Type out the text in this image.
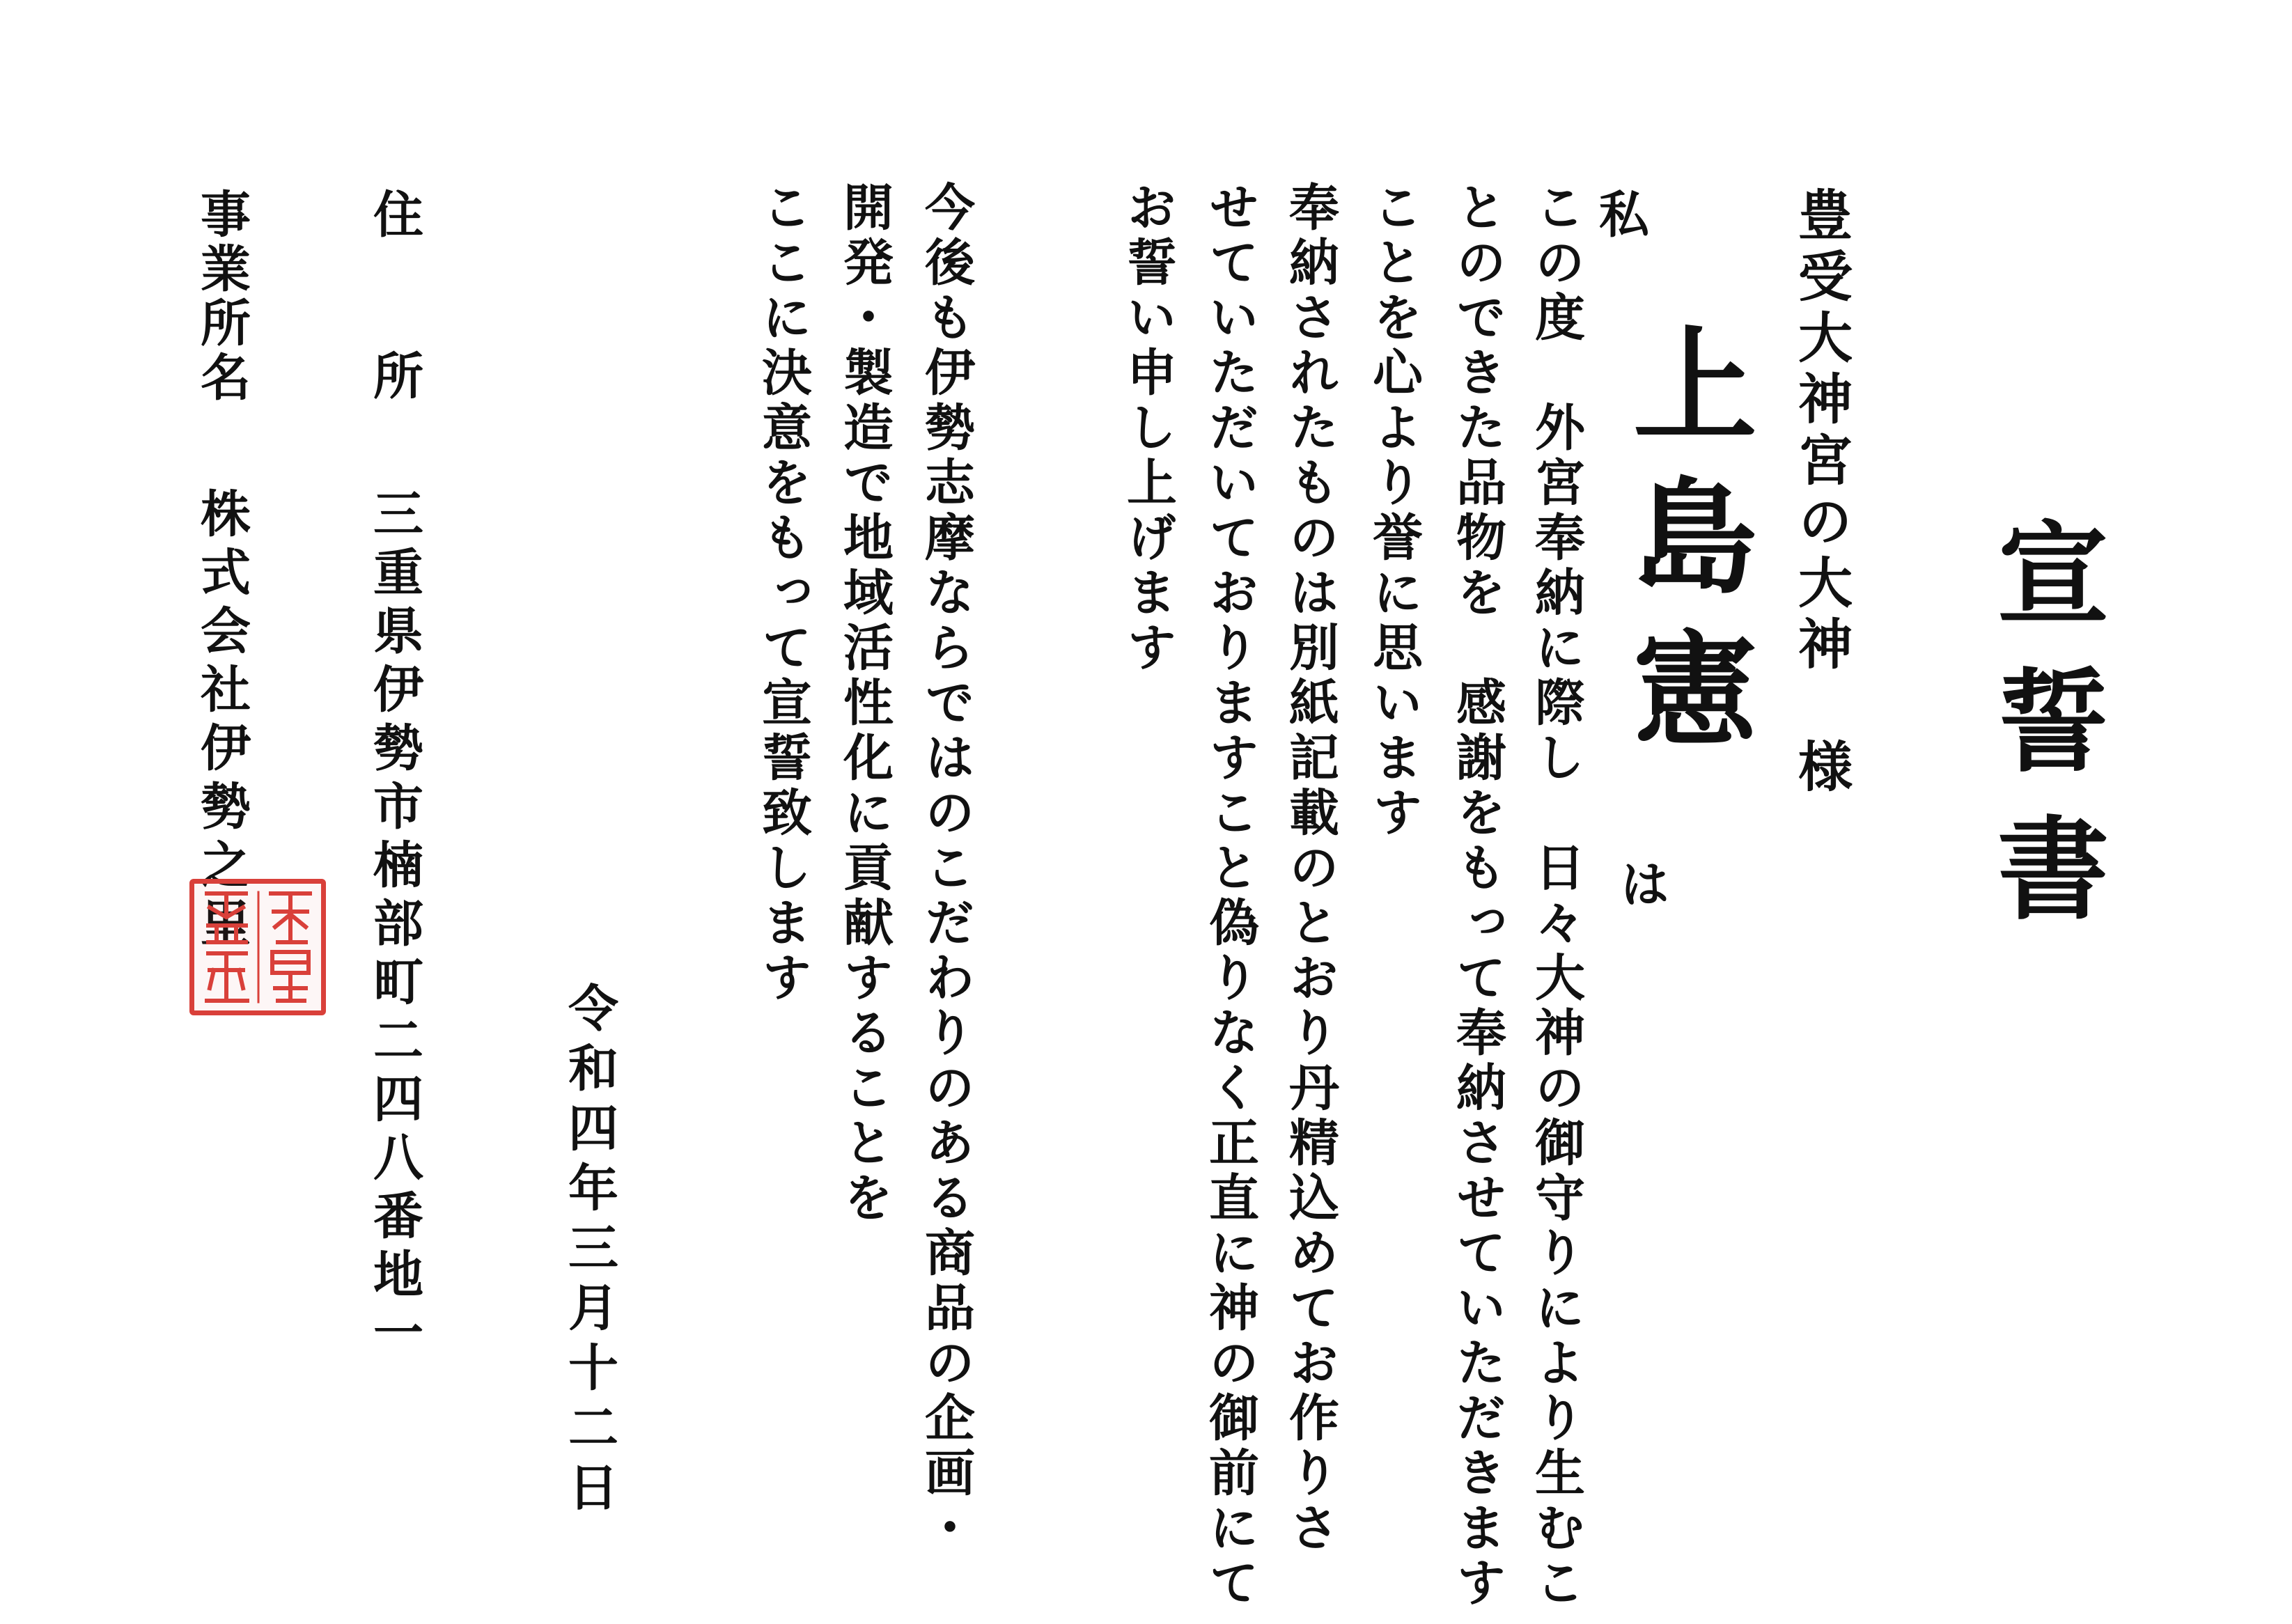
宣誓書
豊受大神宮の大神　様
私
上島憲
は
この度　外宮奉納に際し　日々大神の御守りにより生むこ
とのできた品物を　感謝をもって奉納させていただきます
ことを心より誉に思います
奉納されたものは別紙記載のとおり丹精込めてお作りさ
せていただいておりますこと偽りなく正直に神の御前にて
お誓い申し上げます
今後も伊勢志摩ならではのこだわりのある商品の企画・
開発・製造で地域活性化に貢献することを
ここに決意をもって宣誓致します
令和四年三月十二日
住所
三重県伊勢市楠部町二四八番地一
事業所名
株式会社伊勢之里
